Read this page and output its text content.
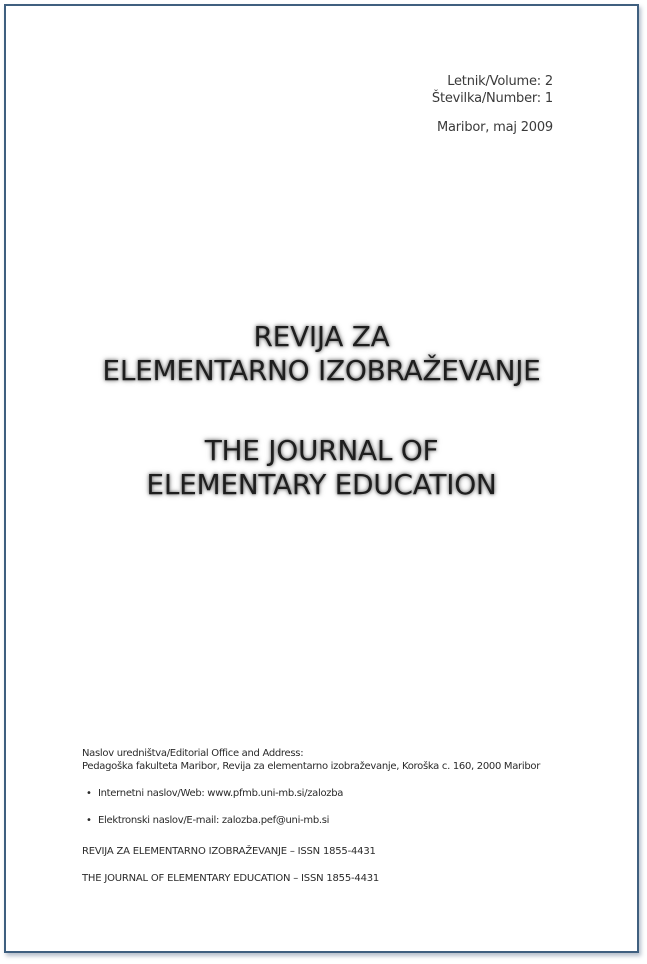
Letnik/Volume: 2
Številka/Number: 1
Maribor, maj 2009
REVIJA ZA
ELEMENTARNO IZOBRAŽEVANJE
THE JOURNAL OF
ELEMENTARY EDUCATION
Naslov uredništva/Editorial Office and Address:
Pedagoška fakulteta Maribor, Revija za elementarno izobraževanje, Koroška c. 160, 2000 Maribor
• Internetni naslov/Web: www.pfmb.uni-mb.si/zalozba
• Elektronski naslov/E-mail: zalozba.pef@uni-mb.si
REVIJA ZA ELEMENTARNO IZOBRAŽEVANJE – ISSN 1855-4431
THE JOURNAL OF ELEMENTARY EDUCATION – ISSN 1855-4431
